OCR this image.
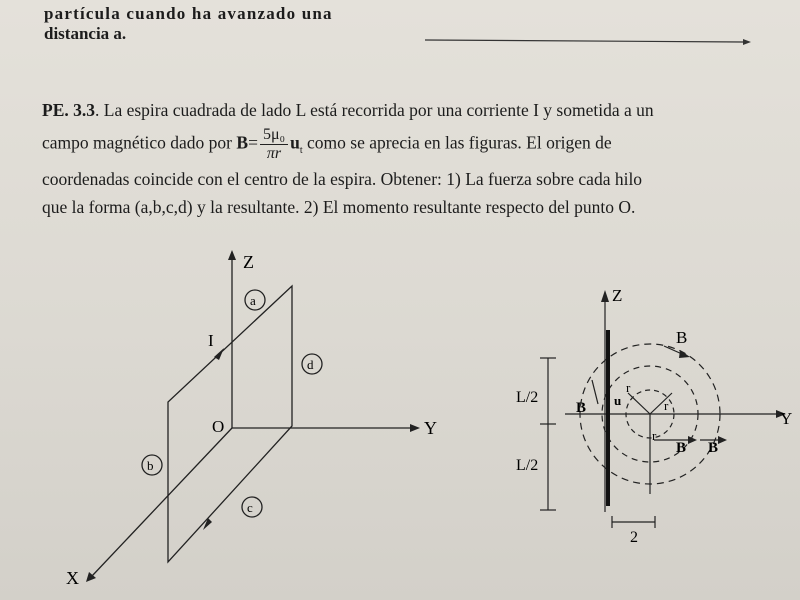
partícula cuando ha avanzado una
distancia a.
PE. 3.3. La espira cuadrada de lado L está recorrida por una corriente I y sometida a un
campo magnético dado por $B= \frac{\text{5μ₀}}{\pi r} u_t$ como se aprecia en las figuras. El origen de
coordenadas coincide con el centro de la espira. Obtener: 1) La fuerza sobre cada hilo
que la forma (a,b,c,d) y la resultante. 2) El momento resultante respecto del punto O.
Z
Y
X
O
I
a
d
b
c
Z
Y
B
B u
r
r
r
B B
L/2
L/2
2
